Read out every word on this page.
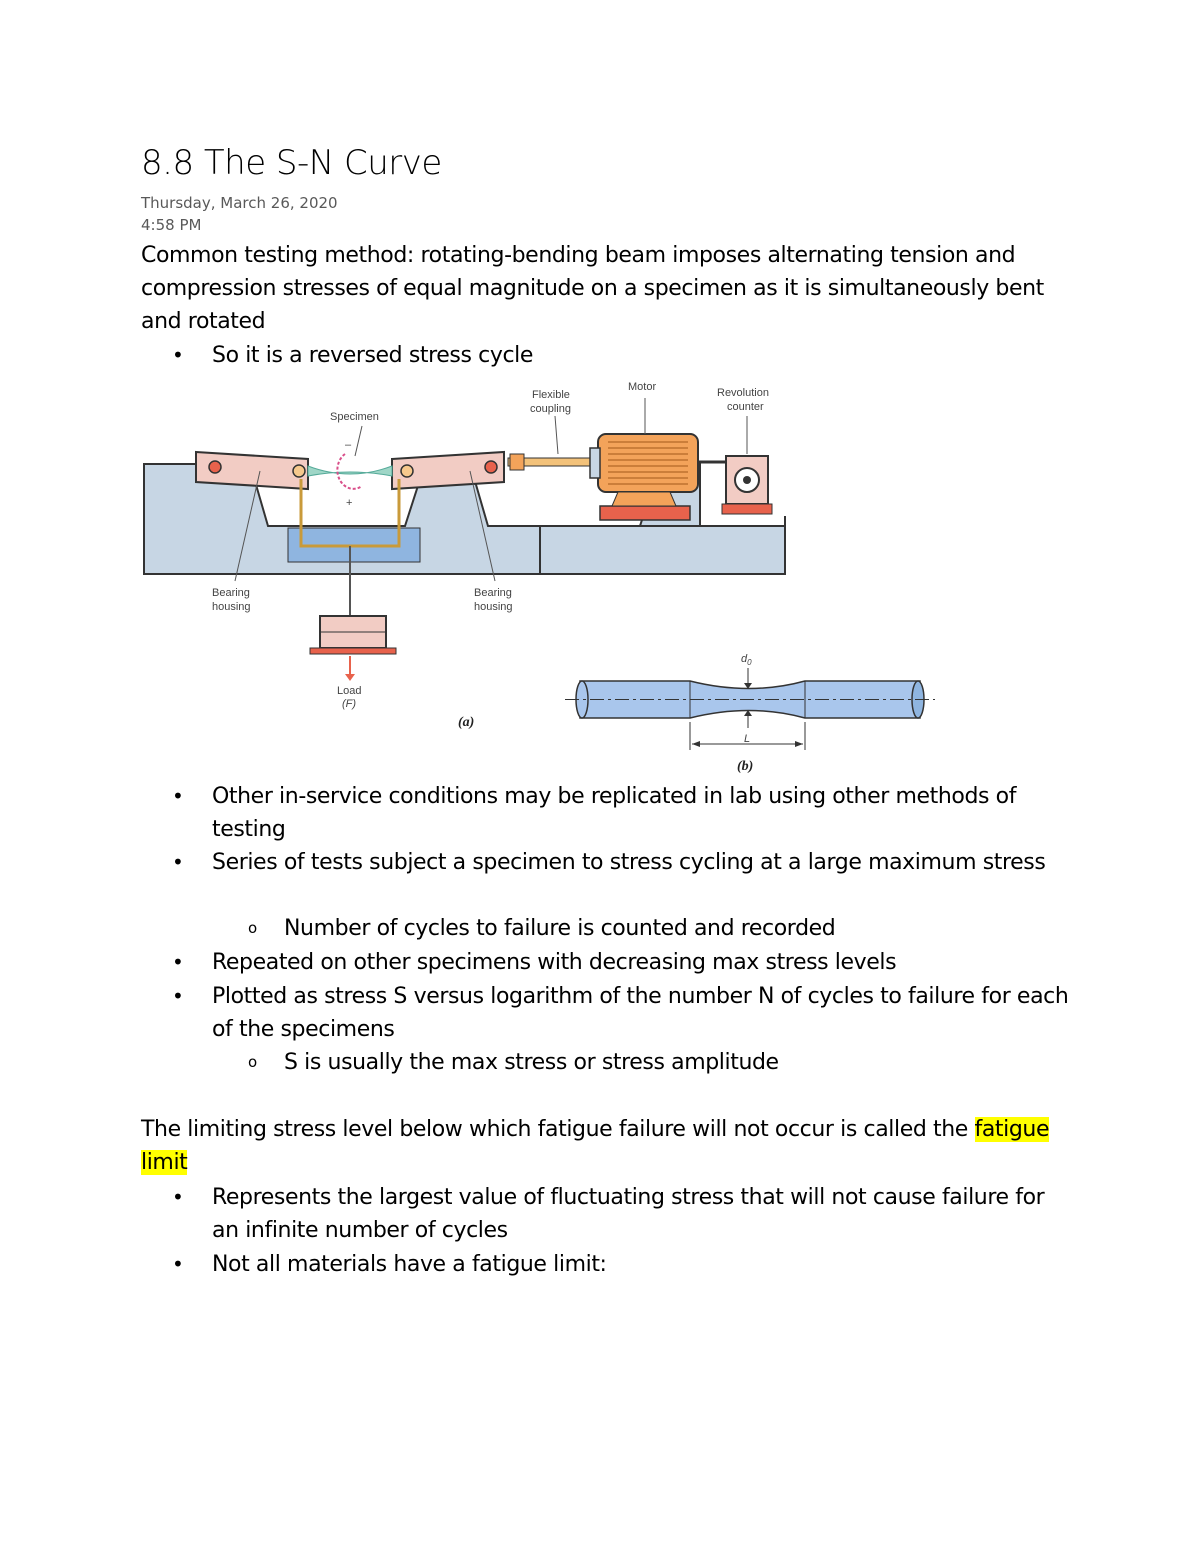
8.8 The S-N Curve
Thursday, March 26, 2020
4:58 PM

Common testing method: rotating-bending beam imposes alternating tension and compression stresses of equal magnitude on a specimen as it is simultaneously bent and rotated

•	So it is a reversed stress cycle
Specimen
Flexible
coupling
Motor	Revolution
counter
Bearing
housing
Bearing
housing
Load
(F)
–
+
(a)
$d_0$
L
(b)
•	Other in-service conditions may be replicated in lab using other methods of testing
•	Series of tests subject a specimen to stress cycling at a large maximum stress
o	Number of cycles to failure is counted and recorded
•	Repeated on other specimens with decreasing max stress levels
•	Plotted as stress S versus logarithm of the number N of cycles to failure for each of the specimens
o	S is usually the max stress or stress amplitude

The limiting stress level below which fatigue failure will not occur is called the fatigue limit

•	Represents the largest value of fluctuating stress that will not cause failure for an infinite number of cycles
•	Not all materials have a fatigue limit:
